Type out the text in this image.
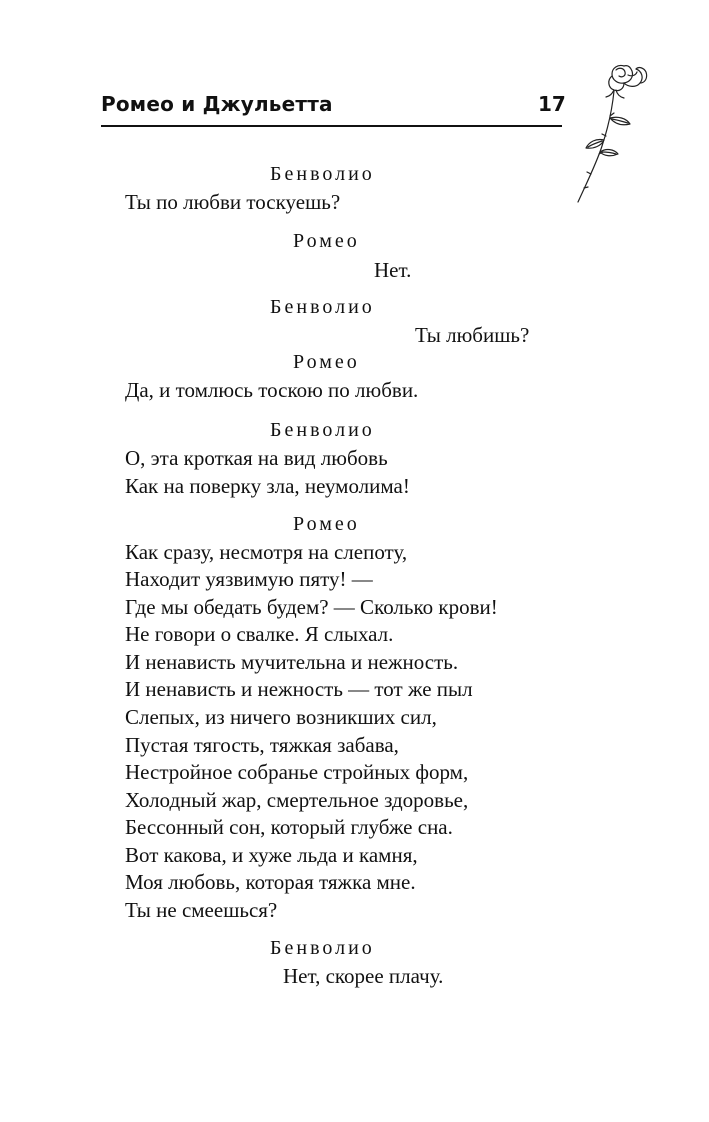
Ромео и Джульетта	17
Бенволио
Ты по любви тоскуешь?
Ромео
Нет.
Бенволио
Ты любишь?
Ромео
Да, и томлюсь тоскою по любви.
Бенволио
О, эта кроткая на вид любовь
Как на поверку зла, неумолима!
Ромео
Как сразу, несмотря на слепоту,
Находит уязвимую пяту! —
Где мы обедать будем? — Сколько крови!
Не говори о свалке. Я слыхал.
И ненависть мучительна и нежность.
И ненависть и нежность — тот же пыл
Слепых, из ничего возникших сил,
Пустая тягость, тяжкая забава,
Нестройное собранье стройных форм,
Холодный жар, смертельное здоровье,
Бессонный сон, который глубже сна.
Вот какова, и хуже льда и камня,
Моя любовь, которая тяжка мне.
Ты не смеешься?
Бенволио
Нет, скорее плачу.
